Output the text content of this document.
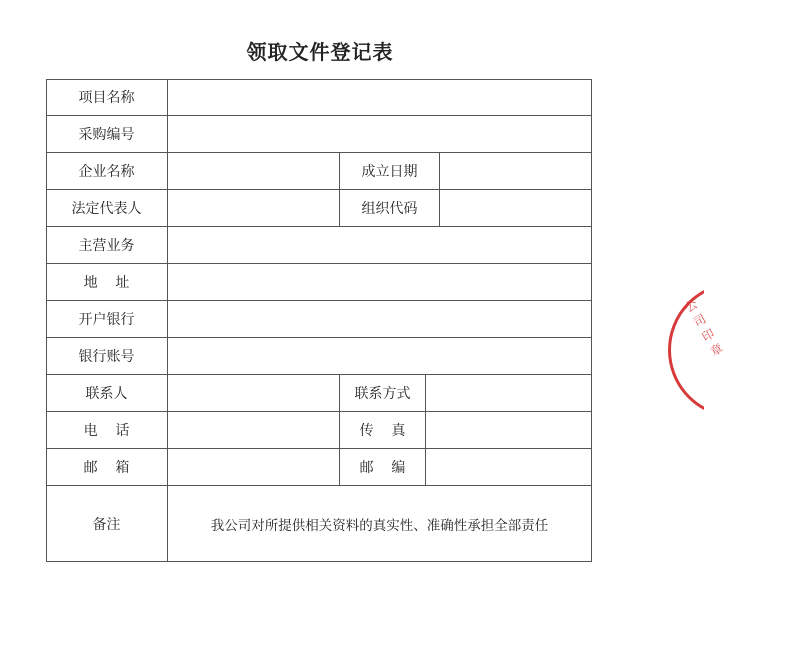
领取文件登记表
项目名称
采购编号
企业名称	成立日期
法定代表人	组织代码
主营业务
地    址
开户银行
银行账号
联系人	联系方式
电    话	传    真
邮    箱	邮    编
备注	我公司对所提供相关资料的真实性、准确性承担全部责任
公
司
印
章
